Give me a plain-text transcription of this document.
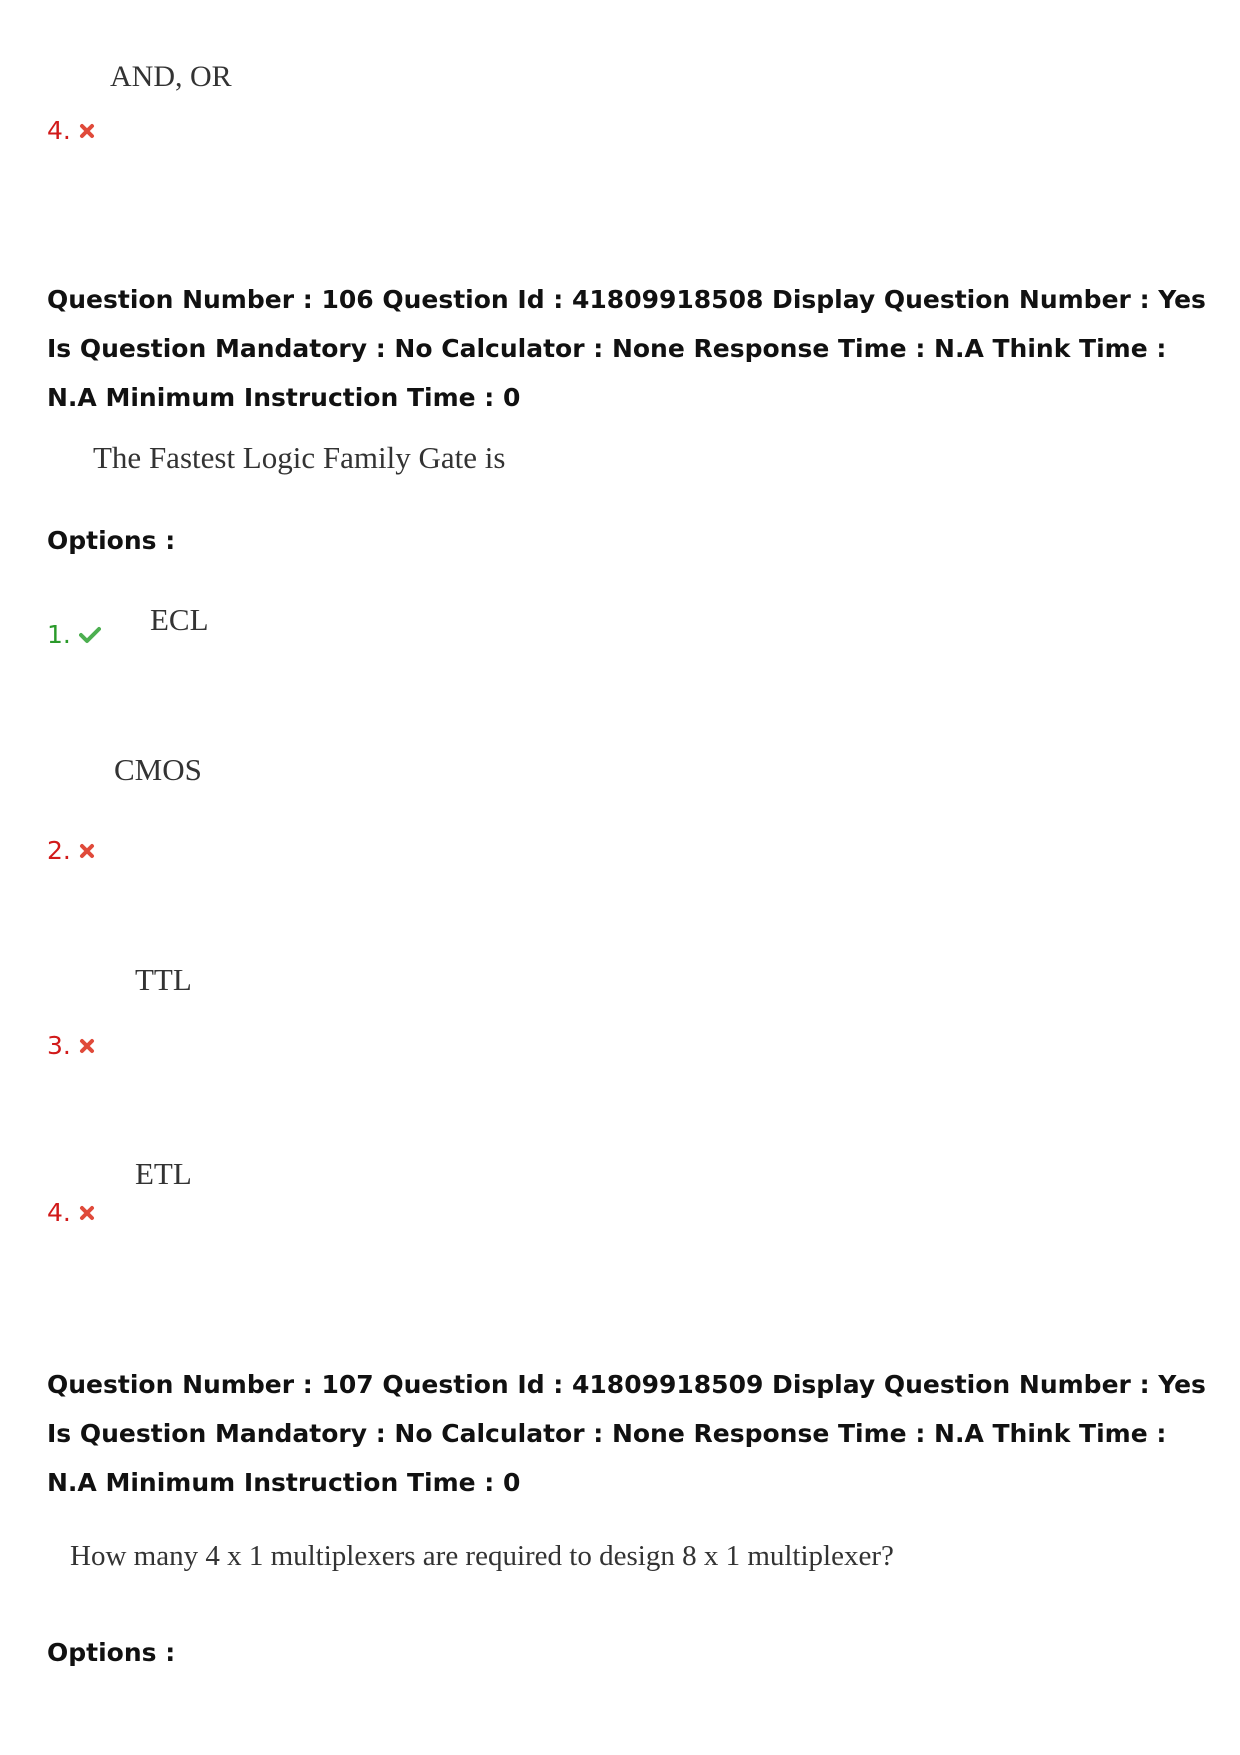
AND, OR
4.
Question Number : 106 Question Id : 41809918508 Display Question Number : Yes Is Question Mandatory : No Calculator : None Response Time : N.A Think Time : N.A Minimum Instruction Time : 0
The Fastest Logic Family Gate is
Options :
1.	ECL
CMOS
2.
TTL
3.
ETL
4.
Question Number : 107 Question Id : 41809918509 Display Question Number : Yes Is Question Mandatory : No Calculator : None Response Time : N.A Think Time : N.A Minimum Instruction Time : 0
How many 4 x 1 multiplexers are required to design 8 x 1 multiplexer?
Options :
